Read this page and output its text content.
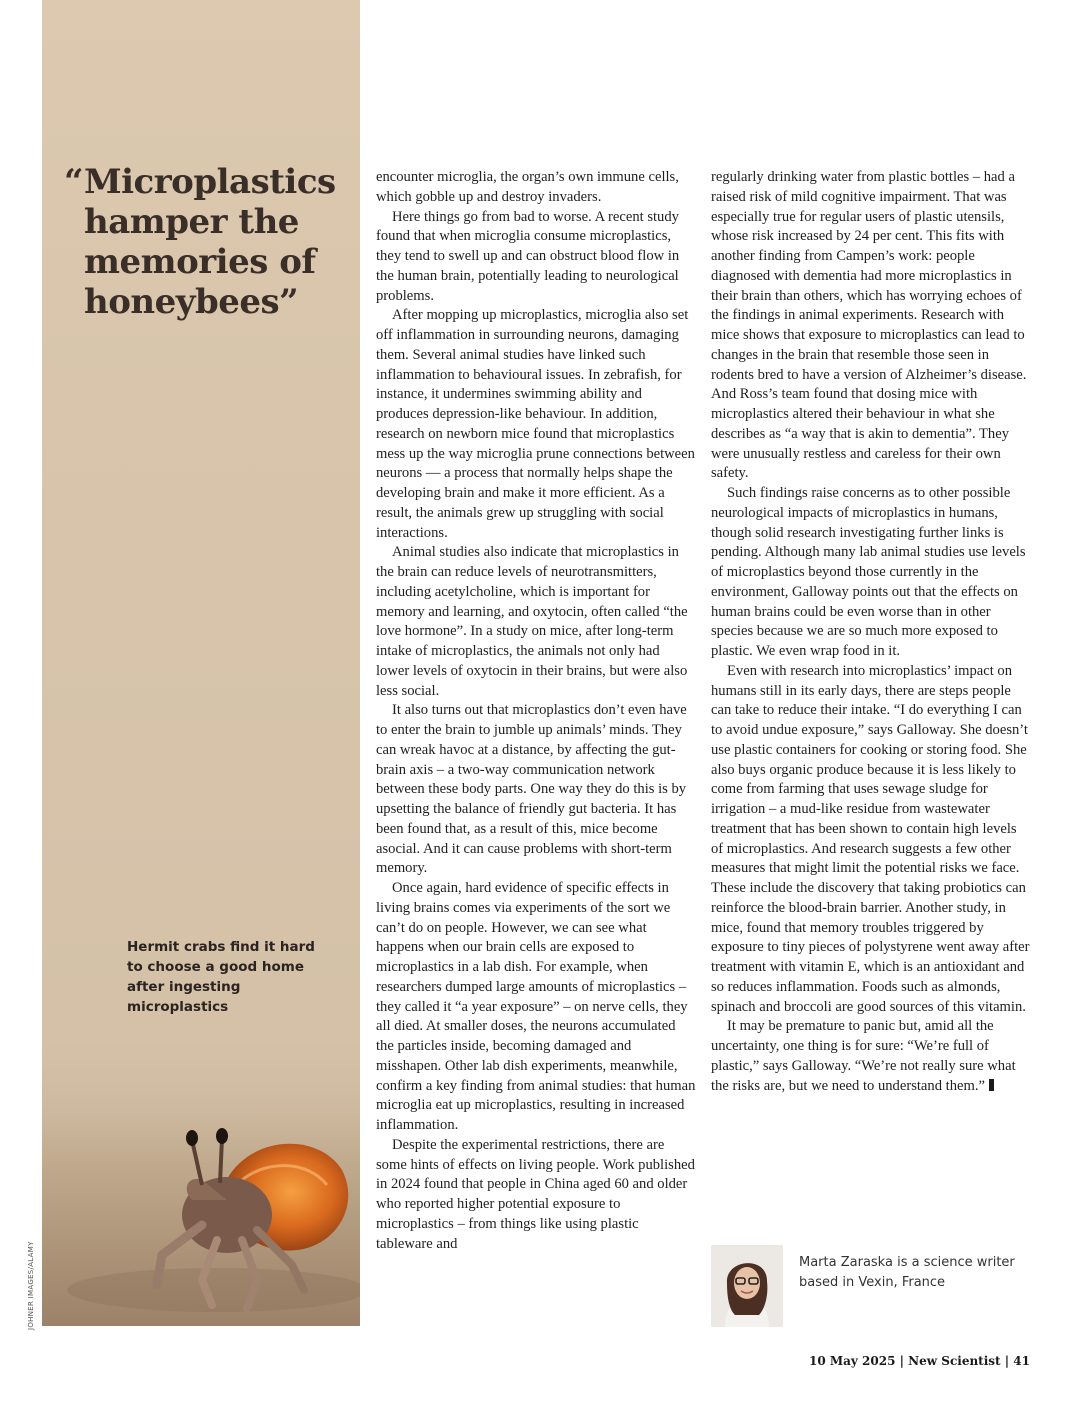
“ Microplastics
hamper the
memories of
honeybees”
Hermit crabs find it hard to choose a good home after ingesting microplastics
JOHNER IMAGES/ALAMY

encounter microglia, the organ’s own immune cells, which gobble up and destroy invaders.

Here things go from bad to worse. A recent study found that when microglia consume microplastics, they tend to swell up and can obstruct blood flow in the human brain, potentially leading to neurological problems.

After mopping up microplastics, microglia also set off inflammation in surrounding neurons, damaging them. Several animal studies have linked such inflammation to behavioural issues. In zebrafish, for instance, it undermines swimming ability and produces depression-like behaviour. In addition, research on newborn mice found that microplastics mess up the way microglia prune connections between neurons — a process that normally helps shape the developing brain and make it more efficient. As a result, the animals grew up struggling with social interactions.

Animal studies also indicate that microplastics in the brain can reduce levels of neurotransmitters, including acetylcholine, which is important for memory and learning, and oxytocin, often called “the love hormone”. In a study on mice, after long-term intake of microplastics, the animals not only had lower levels of oxytocin in their brains, but were also less social.

It also turns out that microplastics don’t even have to enter the brain to jumble up animals’ minds. They can wreak havoc at a distance, by affecting the gut-brain axis – a two-way communication network between these body parts. One way they do this is by upsetting the balance of friendly gut bacteria. It has been found that, as a result of this, mice become asocial. And it can cause problems with short-term memory.

Once again, hard evidence of specific effects in living brains comes via experiments of the sort we can’t do on people. However, we can see what happens when our brain cells are exposed to microplastics in a lab dish. For example, when researchers dumped large amounts of microplastics – they called it “a year exposure” – on nerve cells, they all died. At smaller doses, the neurons accumulated the particles inside, becoming damaged and misshapen. Other lab dish experiments, meanwhile, confirm a key finding from animal studies: that human microglia eat up microplastics, resulting in increased inflammation.

Despite the experimental restrictions, there are some hints of effects on living people. Work published in 2024 found that people in China aged 60 and older who reported higher potential exposure to microplastics – from things like using plastic tableware and

regularly drinking water from plastic bottles – had a raised risk of mild cognitive impairment. That was especially true for regular users of plastic utensils, whose risk increased by 24 per cent. This fits with another finding from Campen’s work: people diagnosed with dementia had more microplastics in their brain than others, which has worrying echoes of the findings in animal experiments. Research with mice shows that exposure to microplastics can lead to changes in the brain that resemble those seen in rodents bred to have a version of Alzheimer’s disease. And Ross’s team found that dosing mice with microplastics altered their behaviour in what she describes as “a way that is akin to dementia”. They were unusually restless and careless for their own safety.

Such findings raise concerns as to other possible neurological impacts of microplastics in humans, though solid research investigating further links is pending. Although many lab animal studies use levels of microplastics beyond those currently in the environment, Galloway points out that the effects on human brains could be even worse than in other species because we are so much more exposed to plastic. We even wrap food in it.

Even with research into microplastics’ impact on humans still in its early days, there are steps people can take to reduce their intake. “I do everything I can to avoid undue exposure,” says Galloway. She doesn’t use plastic containers for cooking or storing food. She also buys organic produce because it is less likely to come from farming that uses sewage sludge for irrigation – a mud-like residue from wastewater treatment that has been shown to contain high levels of microplastics. And research suggests a few other measures that might limit the potential risks we face. These include the discovery that taking probiotics can reinforce the blood-brain barrier. Another study, in mice, found that memory troubles triggered by exposure to tiny pieces of polystyrene went away after treatment with vitamin E, which is an antioxidant and so reduces inflammation. Foods such as almonds, spinach and broccoli are good sources of this vitamin.

It may be premature to panic but, amid all the uncertainty, one thing is for sure: “We’re full of plastic,” says Galloway. “We’re not really sure what the risks are, but we need to understand them.”

Marta Zaraska is a science writer based in Vexin, France
10 May 2025 | New Scientist | 41
